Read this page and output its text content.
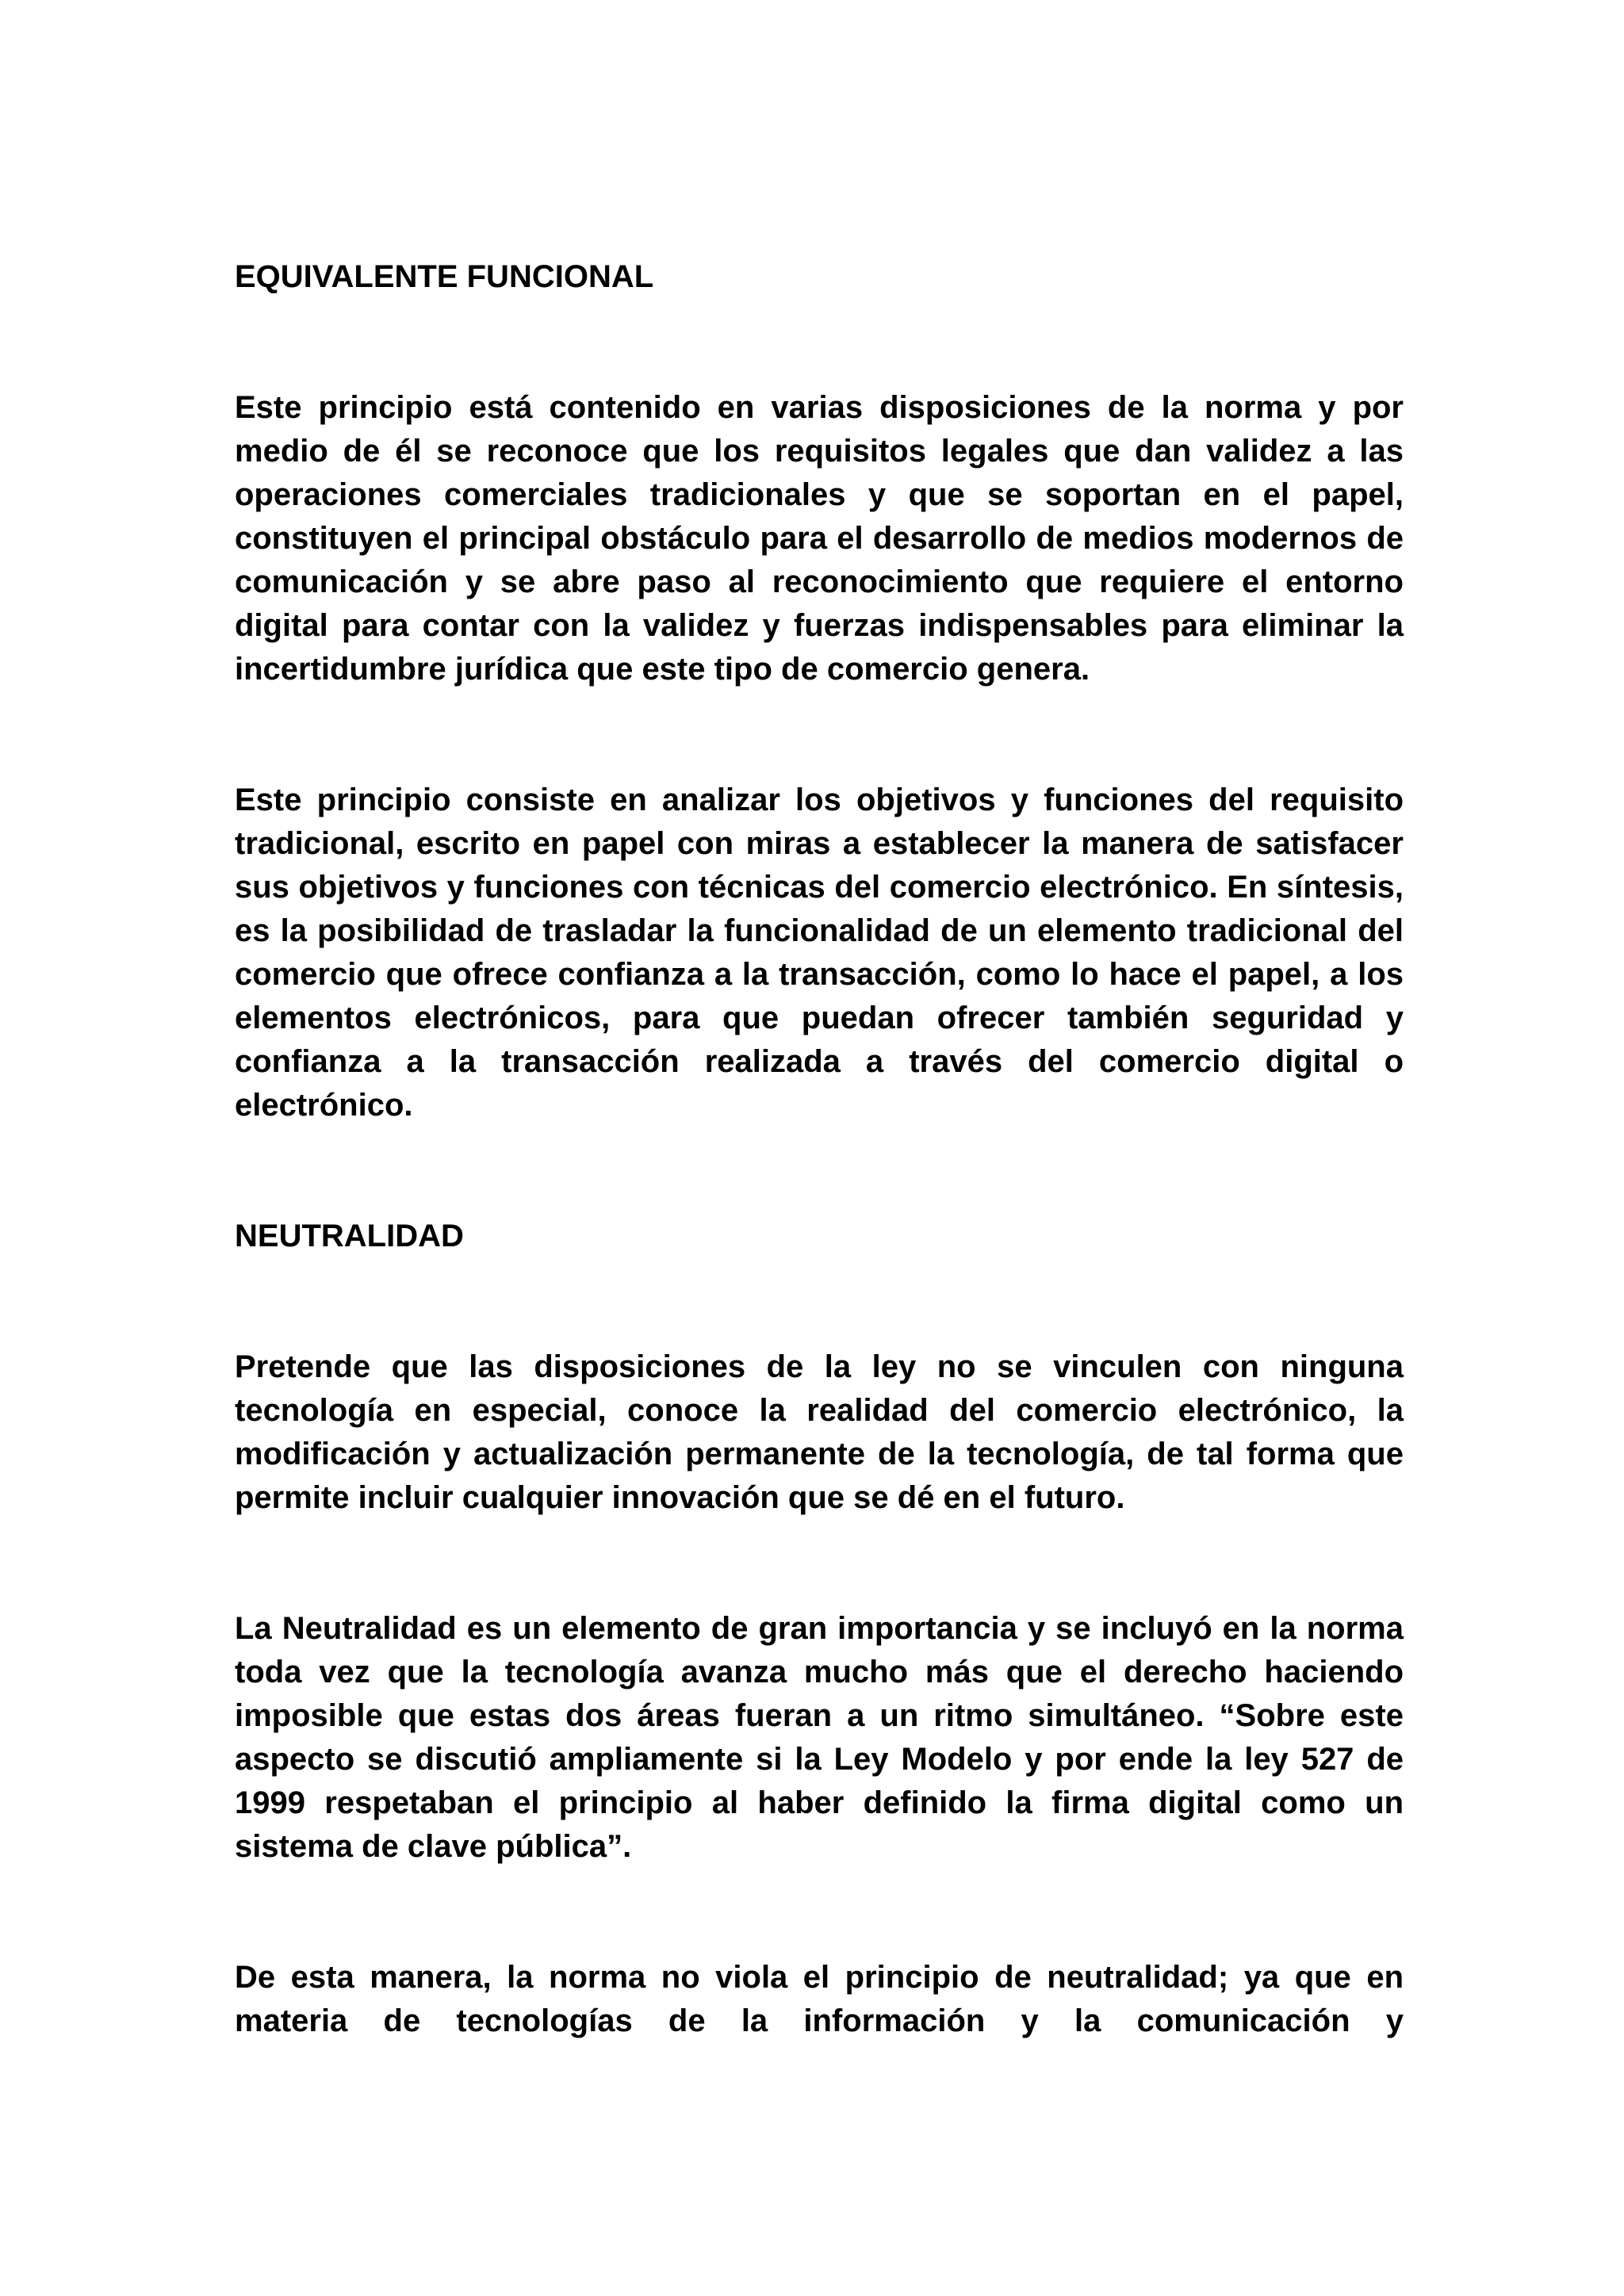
EQUIVALENTE FUNCIONAL

Este principio está contenido en varias disposiciones de la norma y por medio de él se reconoce que los requisitos legales que dan validez a las operaciones comerciales tradicionales y que se soportan en el papel, constituyen el principal obstáculo para el desarrollo de medios modernos de comunicación y se abre paso al reconocimiento que requiere el entorno digital para contar con la validez y fuerzas indispensables para eliminar la incertidumbre jurídica que este tipo de comercio genera.

Este principio consiste en analizar los objetivos y funciones del requisito tradicional, escrito en papel con miras a establecer la manera de satisfacer sus objetivos y funciones con técnicas del comercio electrónico. En síntesis, es la posibilidad de trasladar la funcionalidad de un elemento tradicional del comercio que ofrece confianza a la transacción, como lo hace el papel, a los elementos electrónicos, para que puedan ofrecer también seguridad y confianza a la transacción realizada a través del comercio digital o electrónico.

NEUTRALIDAD

Pretende que las disposiciones de la ley no se vinculen con ninguna tecnología en especial, conoce la realidad del comercio electrónico, la modificación y actualización permanente de la tecnología, de tal forma que permite incluir cualquier innovación que se dé en el futuro.

La Neutralidad es un elemento de gran importancia y se incluyó en la norma toda vez que la tecnología avanza mucho más que el derecho haciendo imposible que estas dos áreas fueran a un ritmo simultáneo. “Sobre este aspecto se discutió ampliamente si la Ley Modelo y por ende la ley 527 de 1999 respetaban el principio al haber definido la firma digital como un sistema de clave pública”.

De esta manera, la norma no viola el principio de neutralidad; ya que en materia de tecnologías de la información y la comunicación y
